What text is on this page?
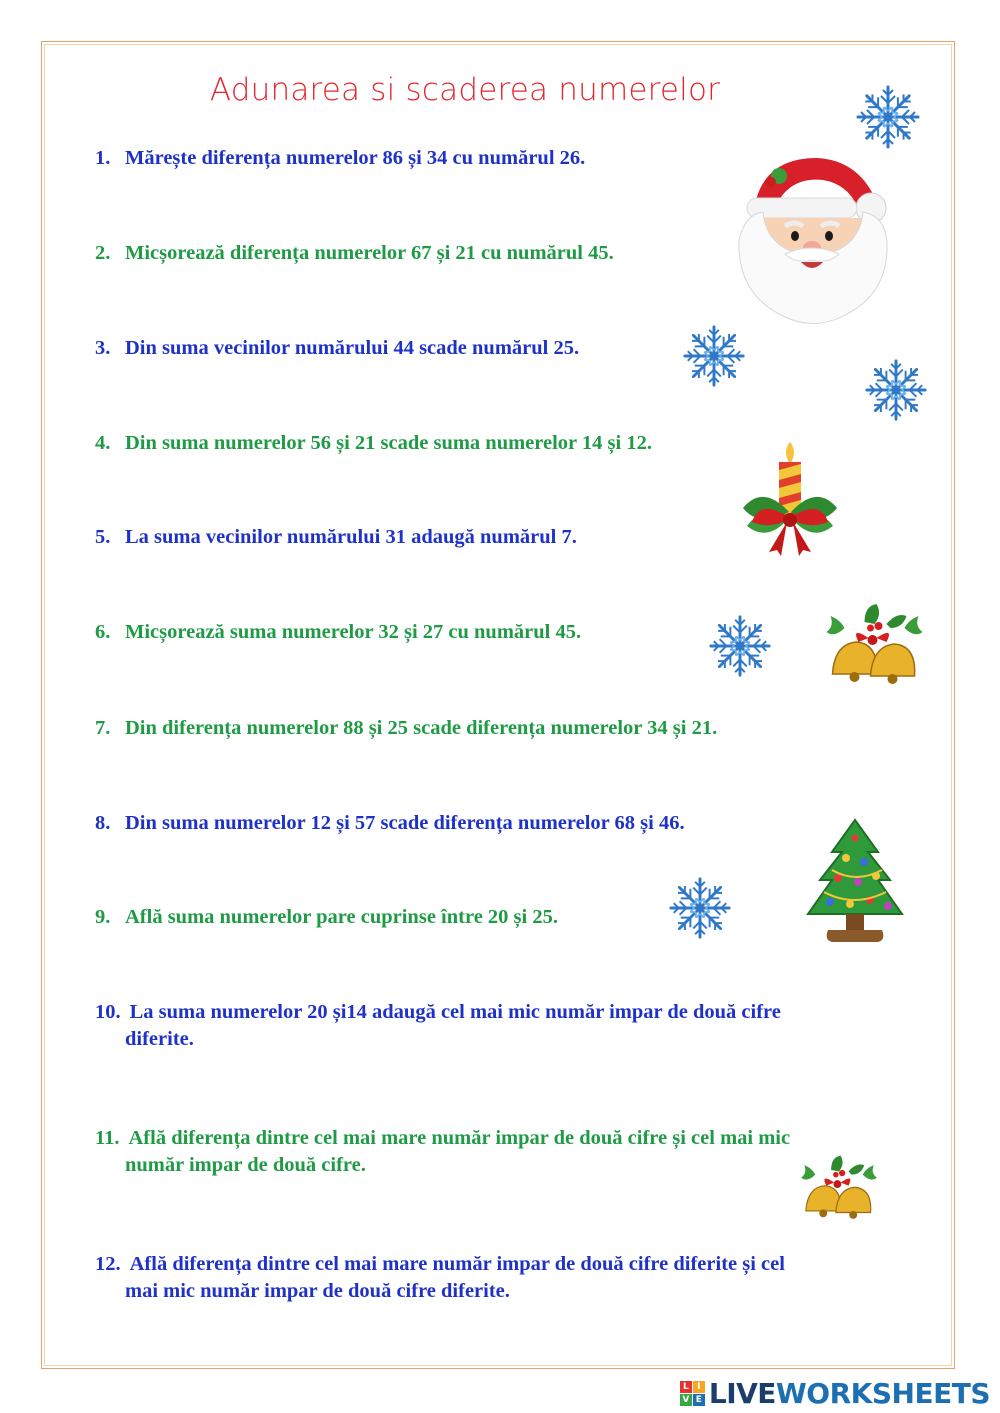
Adunarea si scaderea numerelor
1. Mărește diferența numerelor 86 și 34 cu numărul 26.
2. Micșorează diferența numerelor 67 și 21 cu numărul 45.
3. Din suma vecinilor numărului 44 scade numărul 25.
4. Din suma numerelor 56 și 21 scade suma numerelor 14 și 12.
5. La suma vecinilor numărului 31 adaugă numărul 7.
6. Micșorează suma numerelor 32 și 27 cu numărul 45.
7. Din diferența numerelor 88 și 25 scade diferența numerelor 34 și 21.
8. Din suma numerelor 12 și 57 scade diferența numerelor 68 și 46.
9. Află suma numerelor pare cuprinse între 20 și 25.
10. La suma numerelor 20 și14 adaugă cel mai mic număr impar de două cifre
diferite.
11. Află diferența dintre cel mai mare număr impar de două cifre și cel mai mic
număr impar de două cifre.
12. Află diferența dintre cel mai mare număr impar de două cifre diferite și cel
mai mic număr impar de două cifre diferite.
L I
V E LIVEWORKSHEETS
